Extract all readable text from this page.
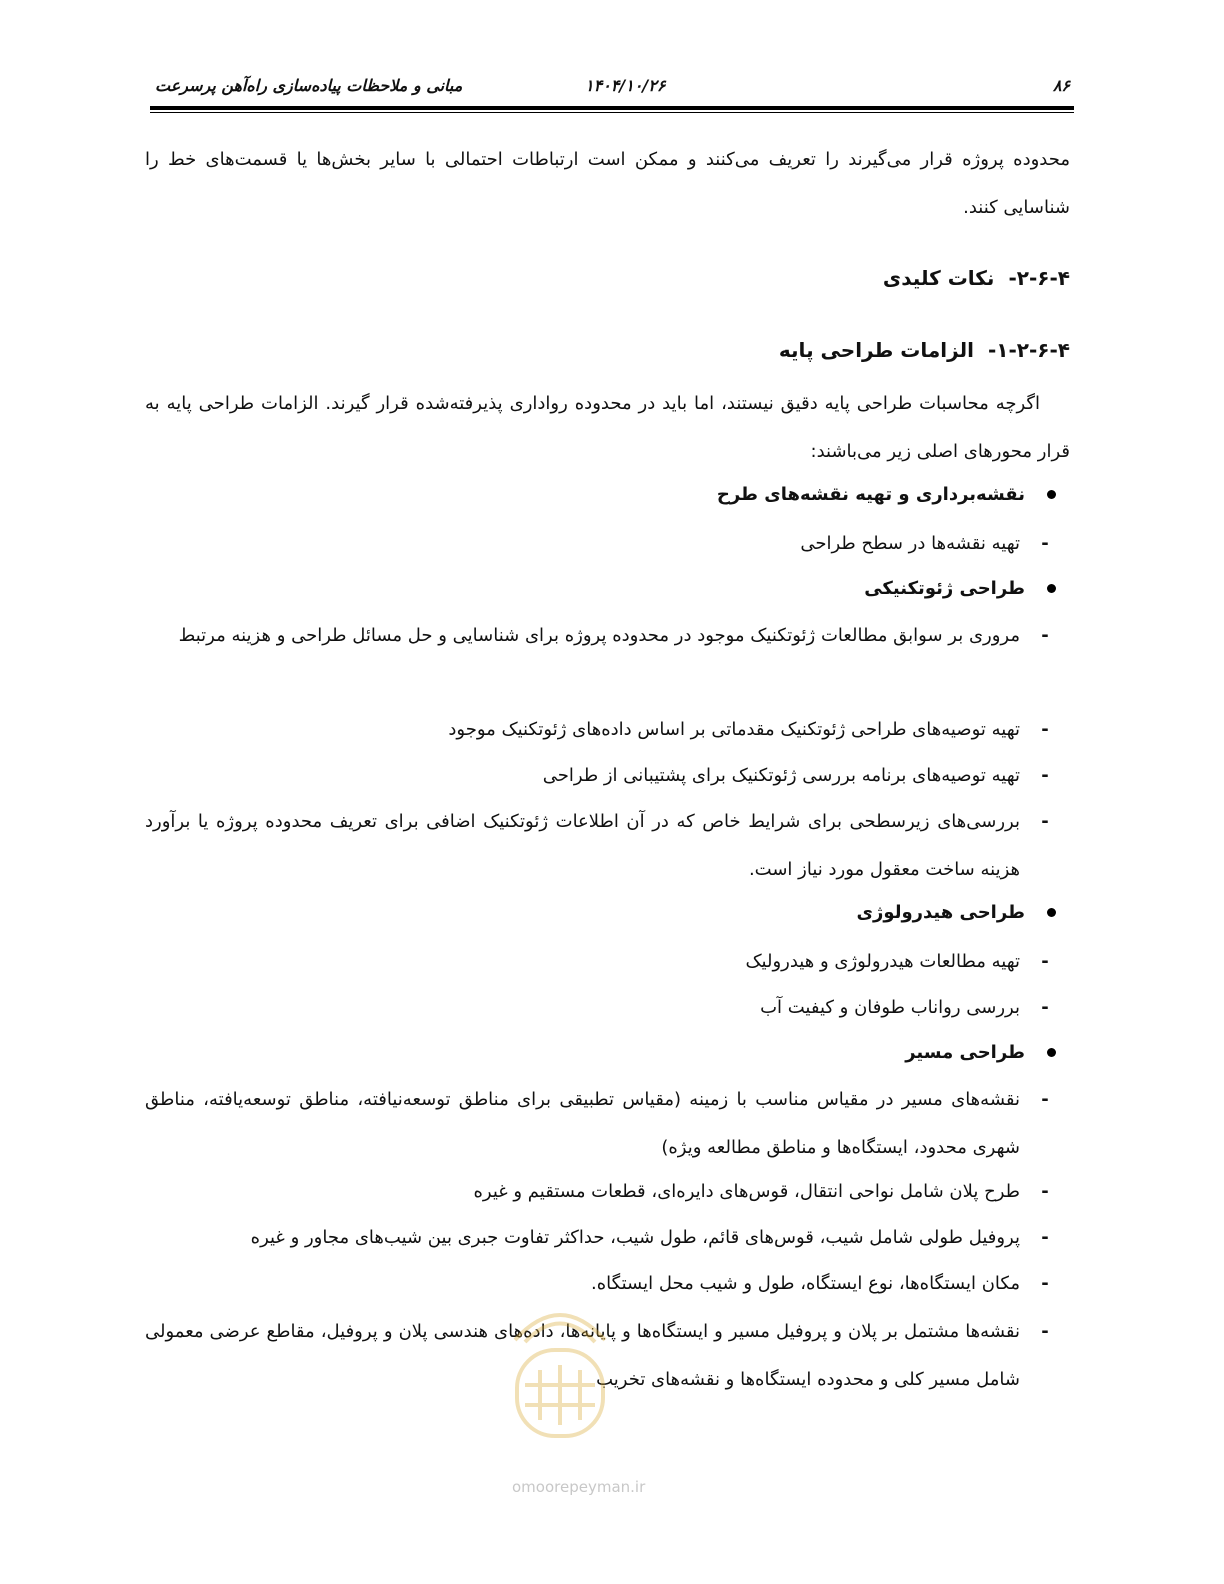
۸۶
۱۴۰۴/۱۰/۲۶
مبانی و ملاحظات پیاده‌سازی راه‌آهن پرسرعت
محدوده پروژه قرار می‌گیرند را تعریف می‌کنند و ممکن است ارتباطات احتمالی با سایر بخش‌ها یا قسمت‌های خط را شناسایی کنند.
۲-۶-۴-نکات کلیدی
۱-۲-۶-۴-الزامات طراحی پایه
اگرچه محاسبات طراحی پایه دقیق نیستند، اما باید در محدوده رواداری پذیرفته‌شده قرار گیرند. الزامات طراحی پایه به قرار محورهای اصلی زیر می‌باشند:
نقشه‌برداری و تهیه نقشه‌های طرح
-
تهیه نقشه‌ها در سطح طراحی
طراحی ژئوتکنیکی
-
مروری بر سوابق مطالعات ژئوتکنیک موجود در محدوده پروژه برای شناسایی و حل مسائل طراحی و هزینه مرتبط
-
تهیه توصیه‌های طراحی ژئوتکنیک مقدماتی بر اساس داده‌های ژئوتکنیک موجود
-
تهیه توصیه‌های برنامه بررسی ژئوتکنیک برای پشتیبانی از طراحی
-
بررسی‌های زیرسطحی برای شرایط خاص که در آن اطلاعات ژئوتکنیک اضافی برای تعریف محدوده پروژه یا برآورد هزینه ساخت معقول مورد نیاز است.
طراحی هیدرولوژی
-
تهیه مطالعات هیدرولوژی و هیدرولیک
-
بررسی رواناب طوفان و کیفیت آب
طراحی مسیر
-
نقشه‌های مسیر در مقیاس مناسب با زمینه (مقیاس تطبیقی برای مناطق توسعه‌نیافته، مناطق توسعه‌یافته، مناطق شهری محدود، ایستگاه‌ها و مناطق مطالعه ویژه)
-
طرح پلان شامل نواحی انتقال، قوس‌های دایره‌ای، قطعات مستقیم و غیره
-
پروفیل طولی شامل شیب، قوس‌های قائم، طول شیب، حداکثر تفاوت جبری بین شیب‌های مجاور و غیره
-
مکان ایستگاه‌ها، نوع ایستگاه، طول و شیب محل ایستگاه.
-
نقشه‌ها مشتمل بر پلان و پروفیل مسیر و ایستگاه‌ها و پایانه‌ها، داده‌های هندسی پلان و پروفیل، مقاطع عرضی معمولی شامل مسیر کلی و محدوده ایستگاه‌ها و نقشه‌های تخریب
omoorepeyman.ir
